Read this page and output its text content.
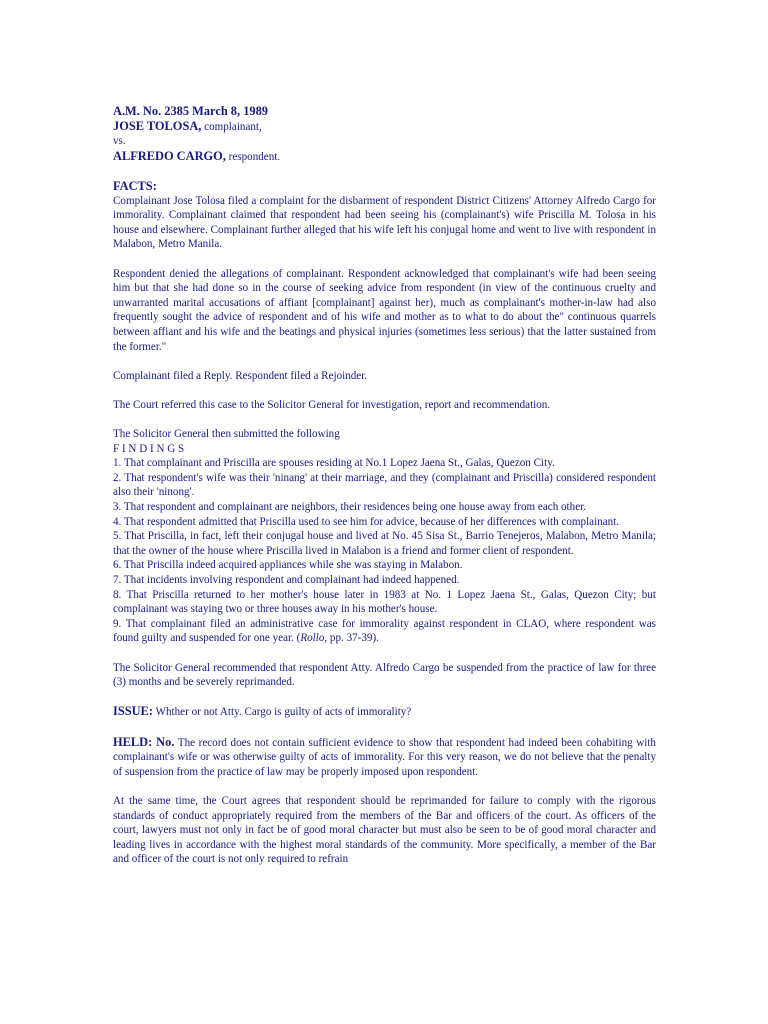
A.M. No. 2385 March 8, 1989
JOSE TOLOSA, complainant,
vs.
ALFREDO CARGO, respondent.
FACTS:

Complainant Jose Tolosa filed a complaint for the disbarment of respondent District Citizens' Attorney Alfredo Cargo for immorality. Complainant claimed that respondent had been seeing his (complainant's) wife Priscilla M. Tolosa in his house and elsewhere. Complainant further alleged that his wife left his conjugal home and went to live with respondent in Malabon, Metro Manila.

Respondent denied the allegations of complainant. Respondent acknowledged that complainant's wife had been seeing him but that she had done so in the course of seeking advice from respondent (in view of the continuous cruelty and unwarranted marital accusations of affiant [complainant] against her), much as complainant's mother-in-law had also frequently sought the advice of respondent and of his wife and mother as to what to do about the" continuous quarrels between affiant and his wife and the beatings and physical injuries (sometimes less serious) that the latter sustained from the former."

Complainant filed a Reply. Respondent filed a Rejoinder.

The Court referred this case to the Solicitor General for investigation, report and recommendation.

The Solicitor General then submitted the following

F I N D I N G S

1. That complainant and Priscilla are spouses residing at No.1 Lopez Jaena St., Galas, Quezon City.

2. That respondent's wife was their 'ninang' at their marriage, and they (complainant and Priscilla) considered respondent also their 'ninong'.

3. That respondent and complainant are neighbors, their residences being one house away from each other.

4. That respondent admitted that Priscilla used to see him for advice, because of her differences with complainant.

5. That Priscilla, in fact, left their conjugal house and lived at No. 45 Sisa St., Barrio Tenejeros, Malabon, Metro Manila; that the owner of the house where Priscilla lived in Malabon is a friend and former client of respondent.

6. That Priscilla indeed acquired appliances while she was staying in Malabon.

7. That incidents involving respondent and complainant had indeed happened.

8. That Priscilla returned to her mother's house later in 1983 at No. 1 Lopez Jaena St., Galas, Quezon City; but complainant was staying two or three houses away in his mother's house.

9. That complainant filed an administrative case for immorality against respondent in CLAO, where respondent was found guilty and suspended for one year. (Rollo, pp. 37-39).

The Solicitor General recommended that respondent Atty. Alfredo Cargo be suspended from the practice of law for three (3) months and be severely reprimanded.

ISSUE: Whther or not Atty. Cargo is guilty of acts of immorality?

HELD: No. The record does not contain sufficient evidence to show that respondent had indeed been cohabiting with complainant's wife or was otherwise guilty of acts of immorality. For this very reason, we do not believe that the penalty of suspension from the practice of law may be properly imposed upon respondent.

At the same time, the Court agrees that respondent should be reprimanded for failure to comply with the rigorous standards of conduct appropriately required from the members of the Bar and officers of the court. As officers of the court, lawyers must not only in fact be of good moral character but must also be seen to be of good moral character and leading lives in accordance with the highest moral standards of the community. More specifically, a member of the Bar and officer of the court is not only required to refrain
